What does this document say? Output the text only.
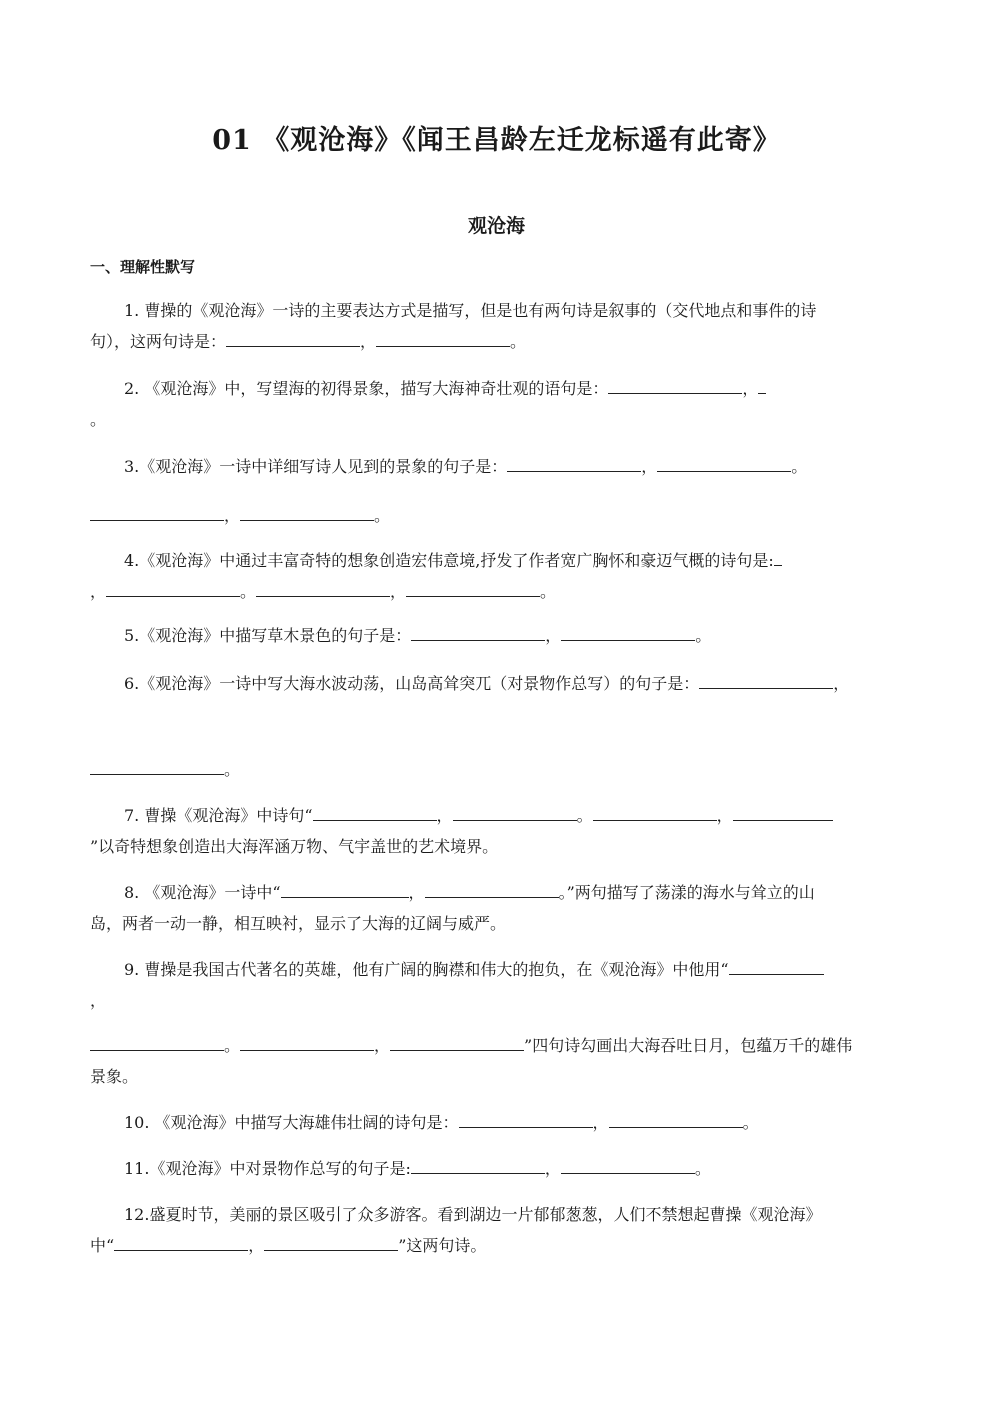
01 《观沧海》《闻王昌龄左迁龙标遥有此寄》
观沧海
一、理解性默写
1. 曹操的《观沧海》一诗的主要表达方式是描写，但是也有两句诗是叙事的（交代地点和事件的诗
句），这两句诗是：	，	。
2. 《观沧海》中，写望海的初得景象，描写大海神奇壮观的语句是：	，
。
3.《观沧海》一诗中详细写诗人见到的景象的句子是：	，	。
，	。
4.《观沧海》中通过丰富奇特的想象创造宏伟意境,抒发了作者宽广胸怀和豪迈气概的诗句是:
，	。	，	。
5.《观沧海》中描写草木景色的句子是：	，	。
6.《观沧海》一诗中写大海水波动荡，山岛高耸突兀（对景物作总写）的句子是：	，
。
7. 曹操《观沧海》中诗句“	，	。	，
”以奇特想象创造出大海浑涵万物、气宇盖世的艺术境界。
8. 《观沧海》一诗中“	，	。”两句描写了荡漾的海水与耸立的山
岛，两者一动一静，相互映衬，显示了大海的辽阔与威严。
9. 曹操是我国古代著名的英雄，他有广阔的胸襟和伟大的抱负，在《观沧海》中他用“
，
。	，	”四句诗勾画出大海吞吐日月，包蕴万千的雄伟
景象。
10. 《观沧海》中描写大海雄伟壮阔的诗句是：	，	。
11.《观沧海》中对景物作总写的句子是:	，	。
12.盛夏时节，美丽的景区吸引了众多游客。看到湖边一片郁郁葱葱，人们不禁想起曹操《观沧海》
中“	，	”这两句诗。
